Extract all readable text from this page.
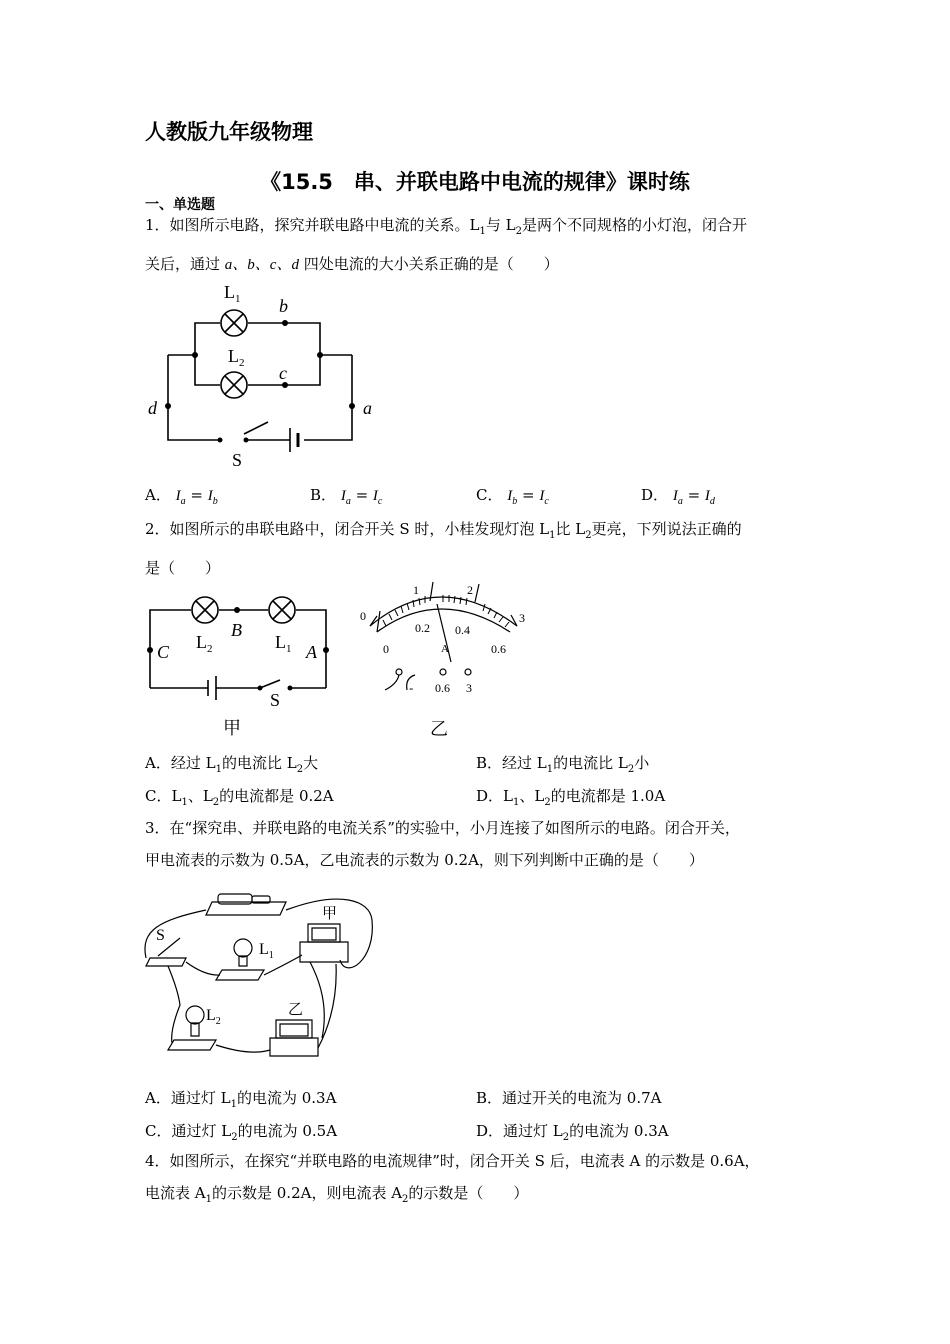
人教版九年级物理
《15.5　串、并联电路中电流的规律》课时练
一、单选题
1．如图所示电路，探究并联电路中电流的关系。$L_1$与 $L_2$是两个不同规格的小灯泡，闭合开
关后，通过 a、b、c、d 四处电流的大小关系正确的是（　　）
$L_1$ b
$L_2$ c
d	a
S
A． $I_a = I_b$	B． $I_a = I_c$	C． $I_b = I_c$	D． $I_a = I_d$
2．如图所示的串联电路中，闭合开关 S 时，小桂发现灯泡 $L_1$比 $L_2$更亮，下列说法正确的
是（　　）
$L_2$
B
$L_1$
C	A
S
甲
0
1	2
3
0
0.2 0.4
0.6
A
- 0.6 3
乙
A．经过 $L_1$的电流比 $L_2$大	B．经过 $L_1$的电流比 $L_2$小
C．$L_1$、$L_2$的电流都是 0.2A	D．$L_1$、$L_2$的电流都是 1.0A
3．在“探究串、并联电路的电流关系”的实验中，小月连接了如图所示的电路。闭合开关，
甲电流表的示数为 0.5A，乙电流表的示数为 0.2A，则下列判断中正确的是（　　）
S
$L_1$
$L_2$
甲
乙
A．通过灯 $L_1$的电流为 0.3A	B．通过开关的电流为 0.7A
C．通过灯 $L_2$的电流为 0.5A	D．通过灯 $L_2$的电流为 0.3A
4．如图所示，在探究“并联电路的电流规律”时，闭合开关 S 后，电流表 A 的示数是 0.6A，
电流表 $A_1$的示数是 0.2A，则电流表 $A_2$的示数是（　　）
